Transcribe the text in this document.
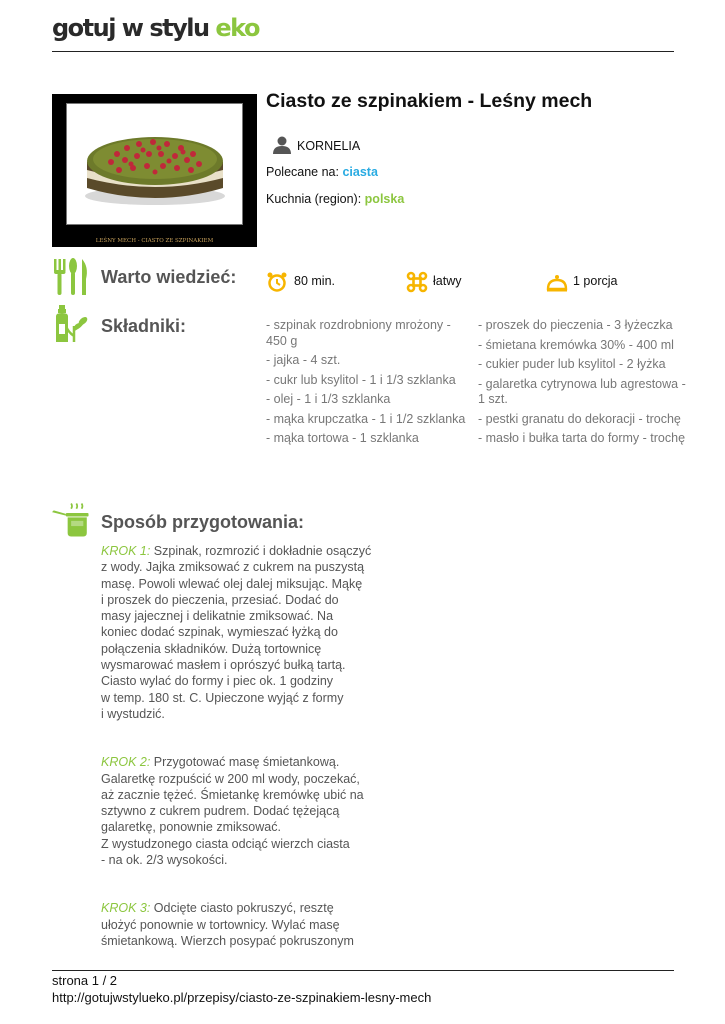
gotuj w stylu eko
LEŚNY MECH - CIASTO ZE SZPINAKIEM
Ciasto ze szpinakiem - Leśny mech
KORNELIA
Polecane na: ciasta
Kuchnia (region): polska
Warto wiedzieć:	80 min.	łatwy	1 porcja
Składniki:	- szpinak rozdrobniony mrożony - 450 g
- jajka - 4 szt.
- cukr lub ksylitol - 1 i 1/3 szklanka
- olej - 1 i 1/3 szklanka
- mąka krupczatka - 1 i 1/2 szklanka
- mąka tortowa - 1 szklanka
- proszek do pieczenia - 3 łyżeczka
- śmietana kremówka 30% - 400 ml
- cukier puder lub ksylitol - 2 łyżka
- galaretka cytrynowa lub agrestowa - 1 szt.
- pestki granatu do dekoracji - trochę
- masło i bułka tarta do formy - trochę
Sposób przygotowania:

KROK 1: Szpinak, rozmrozić i dokładnie osączyć
z wody. Jajka zmiksować z cukrem na puszystą
masę. Powoli wlewać olej dalej miksując. Mąkę
i proszek do pieczenia, przesiać. Dodać do
masy jajecznej i delikatnie zmiksować. Na
koniec dodać szpinak, wymieszać łyżką do
połączenia składników. Dużą tortownicę
wysmarować masłem i oprószyć bułką tartą.
Ciasto wylać do formy i piec ok. 1 godziny
w temp. 180 st. C. Upieczone wyjąć z formy
i wystudzić.

KROK 2: Przygotować masę śmietankową.
Galaretkę rozpuścić w 200 ml wody, poczekać,
aż zacznie tężeć. Śmietankę kremówkę ubić na
sztywno z cukrem pudrem. Dodać tężejącą
galaretkę, ponownie zmiksować.
Z wystudzonego ciasta odciąć wierzch ciasta
- na ok. 2/3 wysokości.

KROK 3: Odcięte ciasto pokruszyć, resztę
ułożyć ponownie w tortownicy. Wylać masę
śmietankową. Wierzch posypać pokruszonym

strona 1 / 2
http://gotujwstylueko.pl/przepisy/ciasto-ze-szpinakiem-lesny-mech
